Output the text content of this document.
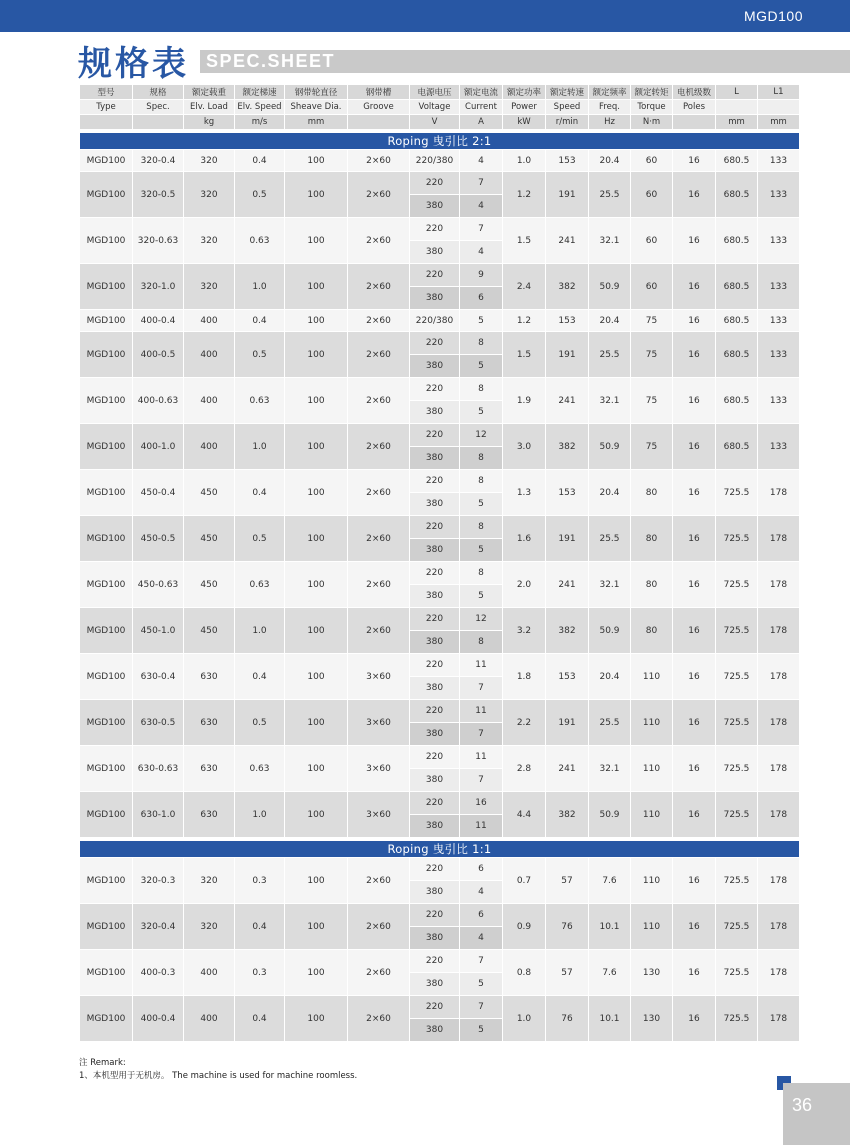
MGD100
规格表 SPEC.SHEET
型号	规格	额定载重	额定梯速	钢带轮直径	钢带槽	电源电压	额定电流	额定功率	额定转速	额定频率	额定转矩	电机级数	L	L1
Type	Spec.	Elv. Load	Elv. Speed	Sheave Dia.	Groove	Voltage	Current	Power	Speed	Freq.	Torque	Poles		
		kg	m/s	mm		V	A	kW	r/min	Hz	N·m		mm	mm

Roping 曳引比 2:1														
MGD100	320-0.4	320	0.4	100	2×60	220/380	4	1.0	153	20.4	60	16	680.5	133
MGD100	320-0.5	320	0.5	100	2×60	220	7	1.2	191	25.5	60	16	680.5	133
						380	4							
MGD100	320-0.63	320	0.63	100	2×60	220	7	1.5	241	32.1	60	16	680.5	133
						380	4							
MGD100	320-1.0	320	1.0	100	2×60	220	9	2.4	382	50.9	60	16	680.5	133
						380	6							
MGD100	400-0.4	400	0.4	100	2×60	220/380	5	1.2	153	20.4	75	16	680.5	133
MGD100	400-0.5	400	0.5	100	2×60	220	8	1.5	191	25.5	75	16	680.5	133
						380	5							
MGD100	400-0.63	400	0.63	100	2×60	220	8	1.9	241	32.1	75	16	680.5	133
						380	5							
MGD100	400-1.0	400	1.0	100	2×60	220	12	3.0	382	50.9	75	16	680.5	133
						380	8							
MGD100	450-0.4	450	0.4	100	2×60	220	8	1.3	153	20.4	80	16	725.5	178
						380	5							
MGD100	450-0.5	450	0.5	100	2×60	220	8	1.6	191	25.5	80	16	725.5	178
						380	5							
MGD100	450-0.63	450	0.63	100	2×60	220	8	2.0	241	32.1	80	16	725.5	178
						380	5							
MGD100	450-1.0	450	1.0	100	2×60	220	12	3.2	382	50.9	80	16	725.5	178
						380	8							
MGD100	630-0.4	630	0.4	100	3×60	220	11	1.8	153	20.4	110	16	725.5	178
						380	7							
MGD100	630-0.5	630	0.5	100	3×60	220	11	2.2	191	25.5	110	16	725.5	178
						380	7							
MGD100	630-0.63	630	0.63	100	3×60	220	11	2.8	241	32.1	110	16	725.5	178
						380	7							
MGD100	630-1.0	630	1.0	100	3×60	220	16	4.4	382	50.9	110	16	725.5	178
						380	11							

Roping 曳引比 1:1														
MGD100	320-0.3	320	0.3	100	2×60	220	6	0.7	57	7.6	110	16	725.5	178
						380	4							
MGD100	320-0.4	320	0.4	100	2×60	220	6	0.9	76	10.1	110	16	725.5	178
						380	4							
MGD100	400-0.3	400	0.3	100	2×60	220	7	0.8	57	7.6	130	16	725.5	178
						380	5							
MGD100	400-0.4	400	0.4	100	2×60	220	7	1.0	76	10.1	130	16	725.5	178
						380	5							
注 Remark:
1、本机型用于无机房。 The machine is used for machine roomless.
36
